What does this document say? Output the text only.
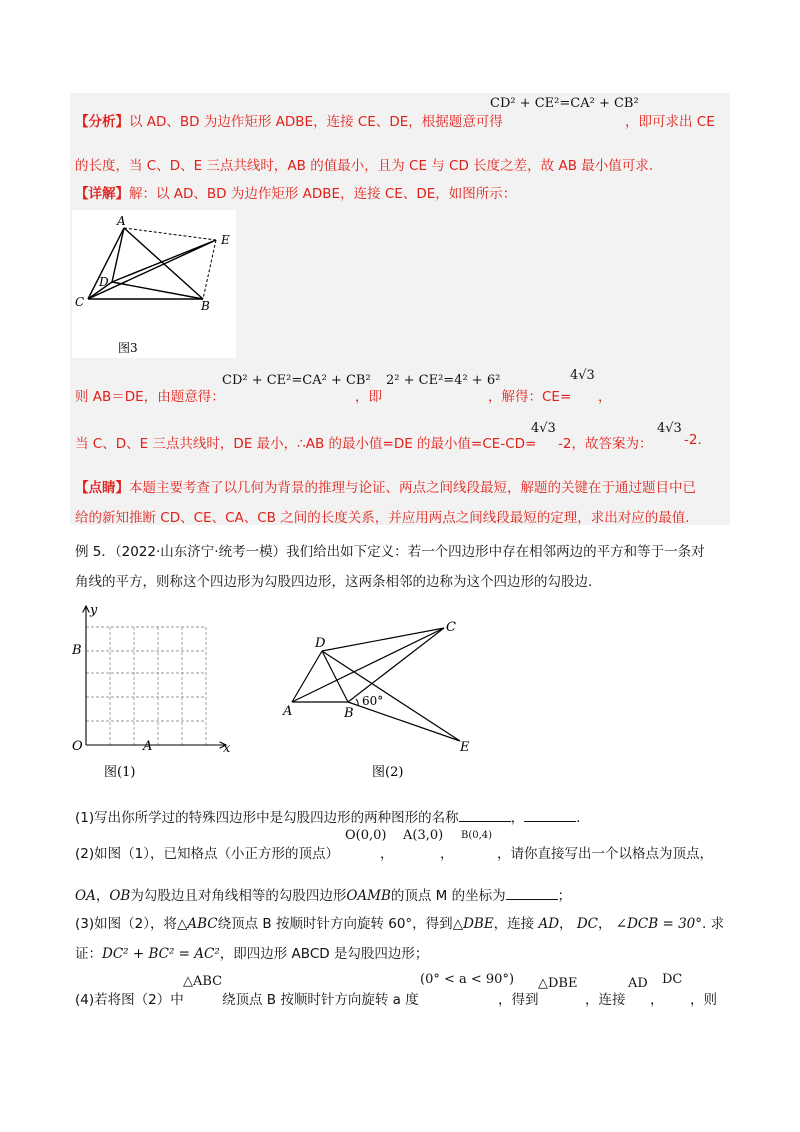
【分析】以 AD、BD 为边作矩形 ADBE，连接 CE、DE，根据题意可得
CD² + CE²=CA² + CB²
，即可求出 CE
的长度，当 C、D、E 三点共线时，AB 的值最小，且为 CE 与 CD 长度之差，故 AB 最小值可求.
【详解】解：以 AD、BD 为边作矩形 ADBE，连接 CE、DE，如图所示：
A
E
D
C	B
图3
则 AB＝DE，由题意得：
CD² + CE²=CA² + CB²
，即
2² + CE²=4² + 6²
，解得：CE=
4√3
，
当 C、D、E 三点共线时，DE 最小，∴AB 的最小值=DE 的最小值=CE-CD=
4√3
-2，故答案为：
4√3
-2.
【点睛】本题主要考查了以几何为背景的推理与论证、两点之间线段最短，解题的关键在于通过题目中已
给的新知推断 CD、CE、CA、CB 之间的长度关系，并应用两点之间线段最短的定理，求出对应的最值.
例 5．（2022·山东济宁·统考一模）我们给出如下定义：若一个四边形中存在相邻两边的平方和等于一条对
角线的平方，则称这个四边形为勾股四边形，这两条相邻的边称为这个四边形的勾股边.
y
x
B
O	A
图(1)
D
C
A	B
E
60°
图(2)
(1)写出你所学过的特殊四边形中是勾股四边形的两种图形的名称	，	.
(2)如图（1），已知格点（小正方形的顶点）
O(0,0)
，
A(3,0)
，
B(0,4)
，请你直接写出一个以格点为顶点，
OA，OB为勾股边且对角线相等的勾股四边形OAMB的顶点 M 的坐标为	；
(3)如图（2），将△ABC绕顶点 B 按顺时针方向旋转 60°，得到△DBE，连接 AD， DC， ∠DCB = 30°. 求
证：DC² + BC² = AC²，即四边形 ABCD 是勾股四边形；
(4)若将图（2）中
△ABC
绕顶点 B 按顺时针方向旋转 a 度
(0° < a < 90°)
，得到
△DBE
，连接
AD
，
DC
，则
